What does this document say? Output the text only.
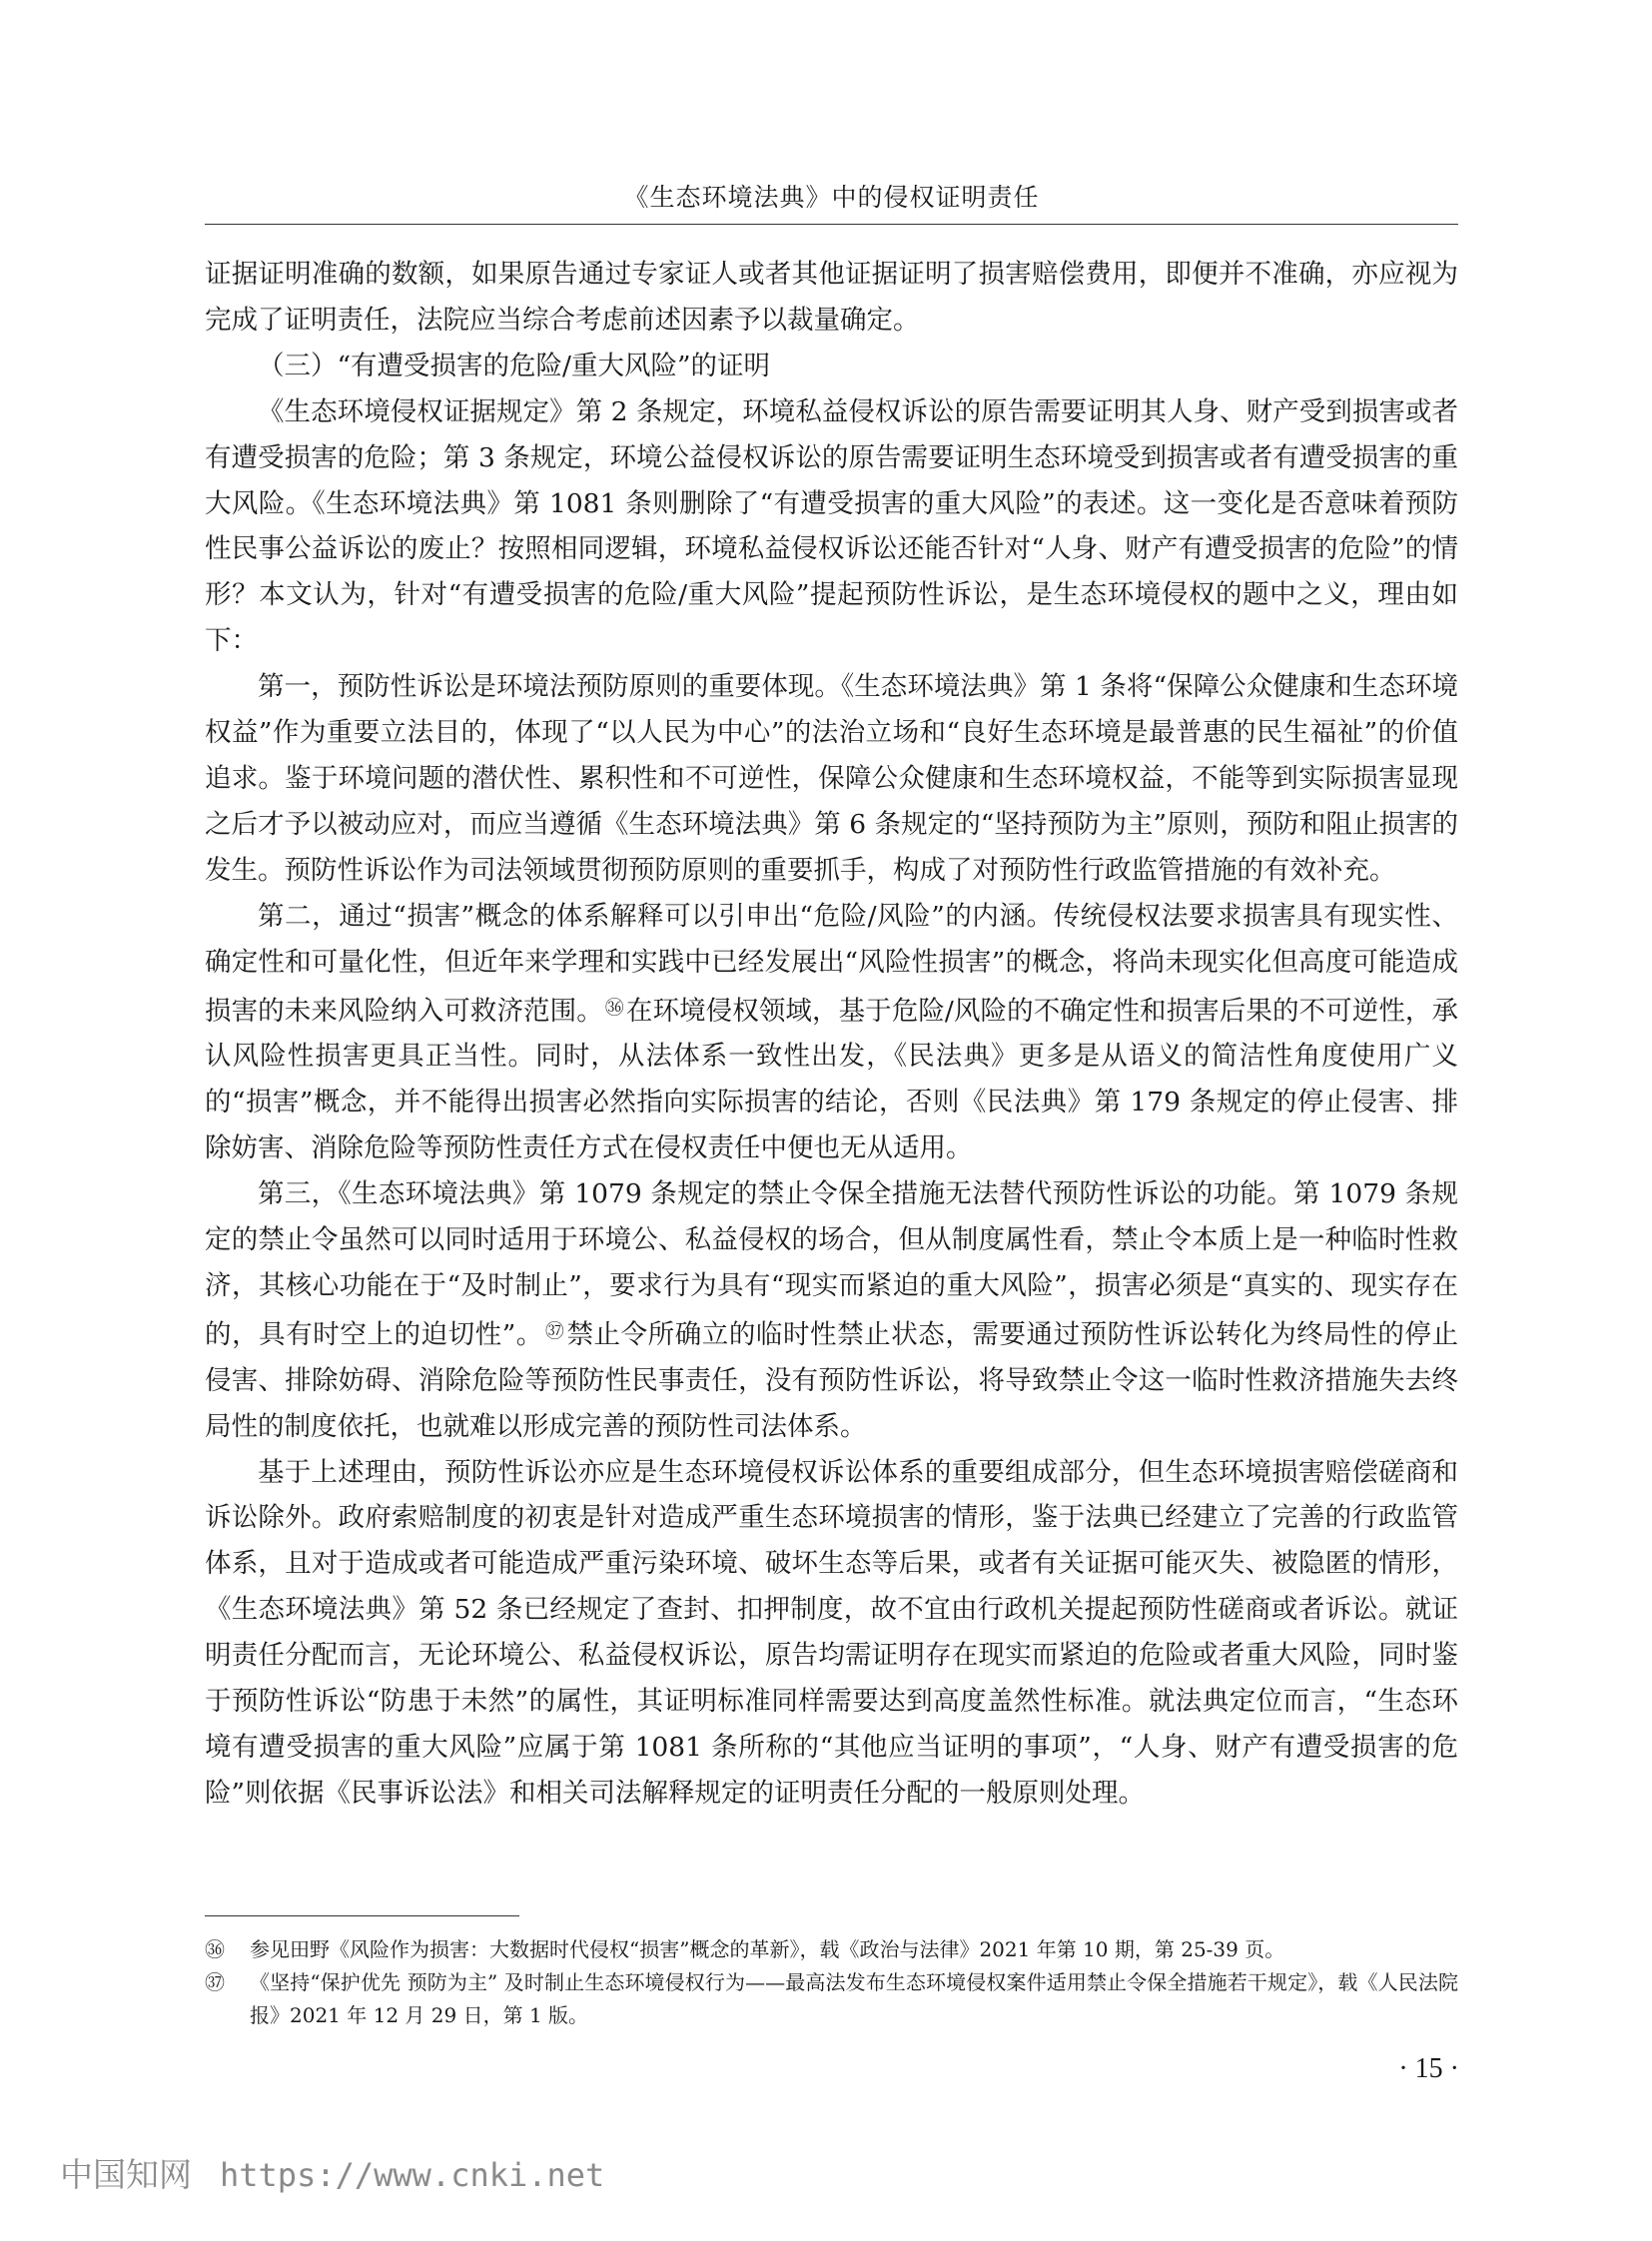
《生态环境法典》中的侵权证明责任

证据证明准确的数额，如果原告通过专家证人或者其他证据证明了损害赔偿费用，即便并不准确，亦应视为完成了证明责任，法院应当综合考虑前述因素予以裁量确定。

（三）“有遭受损害的危险/重大风险”的证明

《生态环境侵权证据规定》第 2 条规定，环境私益侵权诉讼的原告需要证明其人身、财产受到损害或者有遭受损害的危险；第 3 条规定，环境公益侵权诉讼的原告需要证明生态环境受到损害或者有遭受损害的重大风险。《生态环境法典》第 1081 条则删除了“有遭受损害的重大风险”的表述。这一变化是否意味着预防性民事公益诉讼的废止？按照相同逻辑，环境私益侵权诉讼还能否针对“人身、财产有遭受损害的危险”的情形？本文认为，针对“有遭受损害的危险/重大风险”提起预防性诉讼，是生态环境侵权的题中之义，理由如下：

第一，预防性诉讼是环境法预防原则的重要体现。《生态环境法典》第 1 条将“保障公众健康和生态环境权益”作为重要立法目的，体现了“以人民为中心”的法治立场和“良好生态环境是最普惠的民生福祉”的价值追求。鉴于环境问题的潜伏性、累积性和不可逆性，保障公众健康和生态环境权益，不能等到实际损害显现之后才予以被动应对，而应当遵循《生态环境法典》第 6 条规定的“坚持预防为主”原则，预防和阻止损害的发生。预防性诉讼作为司法领域贯彻预防原则的重要抓手，构成了对预防性行政监管措施的有效补充。

第二，通过“损害”概念的体系解释可以引申出“危险/风险”的内涵。传统侵权法要求损害具有现实性、确定性和可量化性，但近年来学理和实践中已经发展出“风险性损害”的概念，将尚未现实化但高度可能造成损害的未来风险纳入可救济范围。 $^㊱$在环境侵权领域，基于危险/风险的不确定性和损害后果的不可逆性，承认风险性损害更具正当性。同时，从法体系一致性出发，《民法典》更多是从语义的简洁性角度使用广义的“损害”概念，并不能得出损害必然指向实际损害的结论，否则《民法典》第 179 条规定的停止侵害、排除妨害、消除危险等预防性责任方式在侵权责任中便也无从适用。

第三，《生态环境法典》第 1079 条规定的禁止令保全措施无法替代预防性诉讼的功能。第 1079 条规定的禁止令虽然可以同时适用于环境公、私益侵权的场合，但从制度属性看，禁止令本质上是一种临时性救济，其核心功能在于“及时制止”，要求行为具有“现实而紧迫的重大风险”，损害必须是“真实的、现实存在的，具有时空上的迫切性”。 $^㊲$禁止令所确立的临时性禁止状态，需要通过预防性诉讼转化为终局性的停止侵害、排除妨碍、消除危险等预防性民事责任，没有预防性诉讼，将导致禁止令这一临时性救济措施失去终局性的制度依托，也就难以形成完善的预防性司法体系。

基于上述理由，预防性诉讼亦应是生态环境侵权诉讼体系的重要组成部分，但生态环境损害赔偿磋商和诉讼除外。政府索赔制度的初衷是针对造成严重生态环境损害的情形，鉴于法典已经建立了完善的行政监管体系，且对于造成或者可能造成严重污染环境、破坏生态等后果，或者有关证据可能灭失、被隐匿的情形，《生态环境法典》第 52 条已经规定了查封、扣押制度，故不宜由行政机关提起预防性磋商或者诉讼。就证明责任分配而言，无论环境公、私益侵权诉讼，原告均需证明存在现实而紧迫的危险或者重大风险，同时鉴于预防性诉讼“防患于未然”的属性，其证明标准同样需要达到高度盖然性标准。就法典定位而言，“生态环境有遭受损害的重大风险”应属于第 1081 条所称的“其他应当证明的事项”，“人身、财产有遭受损害的危险”则依据《民事诉讼法》和相关司法解释规定的证明责任分配的一般原则处理。

㊱	参见田野《风险作为损害：大数据时代侵权“损害”概念的革新》，载《政治与法律》2021 年第 10 期，第 25-39 页。
㊲	《坚持“保护优先 预防为主” 及时制止生态环境侵权行为——最高法发布生态环境侵权案件适用禁止令保全措施若干规定》，载《人民法院报》2021 年 12 月 29 日，第 1 版。
· 15 ·
中国知网 https://www.cnki.net
